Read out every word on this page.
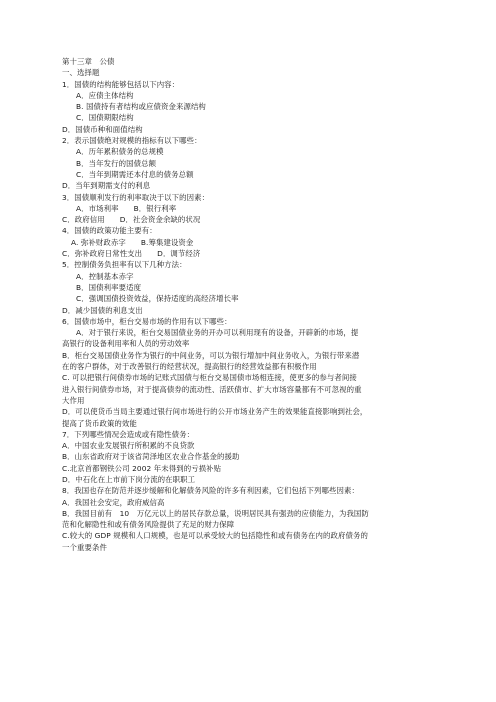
第十三章　公债
一、选择题
1．国债的结构能够包括以下内容：
A．应债主体结构
B. 国债持有者结构或应债资金来源结构
C．国债期限结构
D．国债币种和面值结构
2．表示国债绝对规模的指标有以下哪些：
A．历年累积债务的总规模
B．当年发行的国债总额
C．当年到期需还本付息的债务总额
D．当年到期需支付的利息
3．国债顺利发行的利率取决于以下的因素：
A．市场利率　　B．银行利率
C．政府信用　　D．社会资金余缺的状况
4．国债的政策功能主要有：
A. 弥补财政赤字　　B.筹集建设资金
C．弥补政府日常性支出　　D．调节经济
5．控制债务负担率有以下几种方法：
A．控制基本赤字
B．国债利率要适度
C．强调国债投资效益，保持适度的高经济增长率
D．减少国债的利息支出
6．国债市场中，柜台交易市场的作用有以下哪些：
A．对于银行来说，柜台交易国债业务的开办可以利用现有的设备，开辟新的市场，提
高银行的设备利用率和人员的劳动效率
B．柜台交易国债业务作为银行的中间业务，可以为银行增加中间业务收入，为银行带来潜
在的客户群体，对于改善银行的经营状况，提高银行的经营效益都有积极作用
C. 可以把银行间债券市场的记账式国债与柜台交易国债市场相连接，使更多的参与者间接
进入银行间债券市场，对于提高债券的流动性、活跃债市、扩大市场容量都有不可忽视的重
大作用
D．可以使货币当局主要通过银行间市场进行的公开市场业务产生的效果能直接影响到社会，
提高了货币政策的效能
7．下列哪些情况会造成或有隐性债务：
A．中国农业发展银行所积累的不良贷款
B．山东省政府对于该省菏泽地区农业合作基金的援助
C.北京首都钢铁公司 2002 年未得到的亏损补贴
D．中石化在上市前下岗分流的在职职工
8．我国也存在防范并逐步缓解和化解债务风险的许多有利因素，它们包括下列哪些因素：
A．我国社会安定，政府威信高
B．我国目前有　10　万亿元以上的居民存款总量，说明居民具有强劲的应债能力，为我国防
范和化解隐性和或有债务风险提供了充足的财力保障
C.较大的 GDP 规模和人口规模，也是可以承受较大的包括隐性和或有债务在内的政府债务的
一个重要条件
